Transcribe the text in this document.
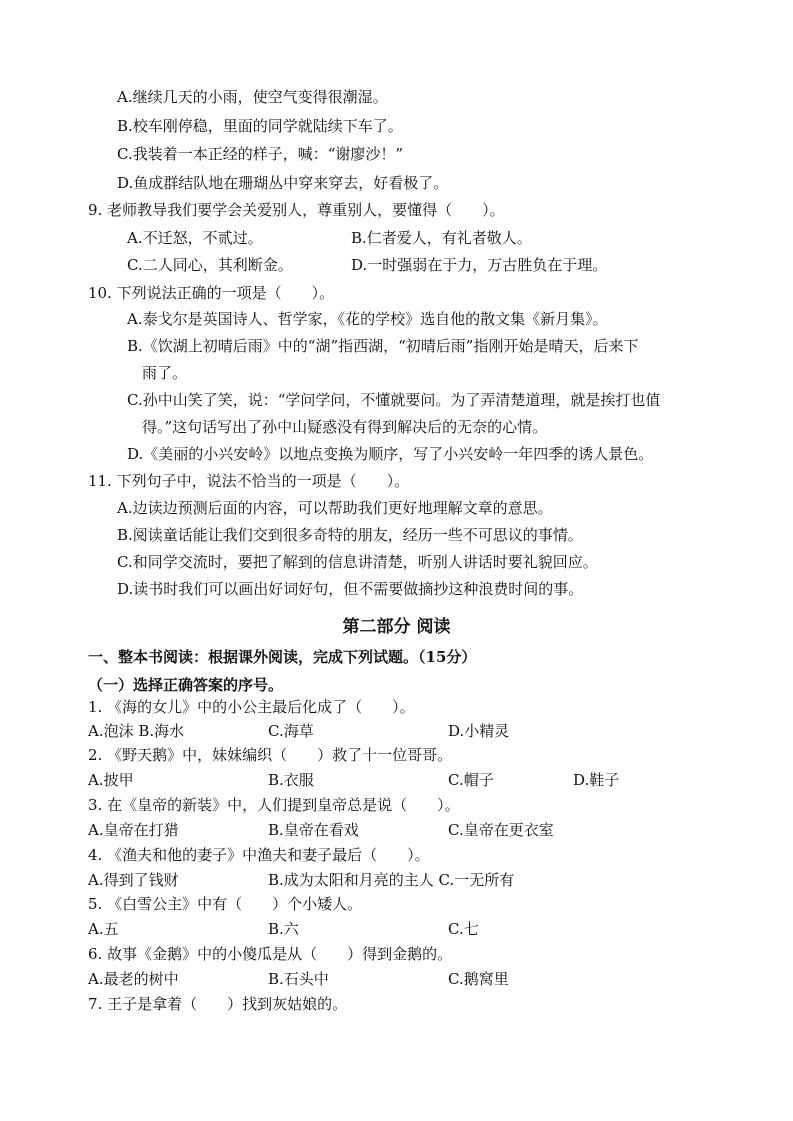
A.继续几天的小雨，使空气变得很潮湿。
B.校车刚停稳，里面的同学就陆续下车了。
C.我装着一本正经的样子，喊：“谢廖沙！”
D.鱼成群结队地在珊瑚丛中穿来穿去，好看极了。
9. 老师教导我们要学会关爱别人，尊重别人，要懂得（　　）。
A.不迁怒，不贰过。	B.仁者爱人，有礼者敬人。
C.二人同心，其利断金。	D.一时强弱在于力，万古胜负在于理。
10. 下列说法正确的一项是（　　）。
A.泰戈尔是英国诗人、哲学家，《花的学校》选自他的散文集《新月集》。
B.《饮湖上初晴后雨》中的“湖”指西湖，“初晴后雨”指刚开始是晴天，后来下
雨了。
C.孙中山笑了笑，说：“学问学问，不懂就要问。为了弄清楚道理，就是挨打也值
得。”这句话写出了孙中山疑惑没有得到解决后的无奈的心情。
D.《美丽的小兴安岭》以地点变换为顺序，写了小兴安岭一年四季的诱人景色。
11. 下列句子中，说法不恰当的一项是（　　）。
A.边读边预测后面的内容，可以帮助我们更好地理解文章的意思。
B.阅读童话能让我们交到很多奇特的朋友，经历一些不可思议的事情。
C.和同学交流时，要把了解到的信息讲清楚，听别人讲话时要礼貌回应。
D.读书时我们可以画出好词好句，但不需要做摘抄这种浪费时间的事。
第二部分 阅读
一、整本书阅读：根据课外阅读，完成下列试题。（15分）
（一）选择正确答案的序号。
1. 《海的女儿》中的小公主最后化成了（　　）。
A.泡沫 B.海水	C.海草	D.小精灵
2. 《野天鹅》中，妹妹编织（　　）救了十一位哥哥。
A.披甲	B.衣服	C.帽子	D.鞋子
3. 在《皇帝的新装》中，人们提到皇帝总是说（　　）。
A.皇帝在打猎	B.皇帝在看戏	C.皇帝在更衣室
4. 《渔夫和他的妻子》中渔夫和妻子最后（　　）。
A.得到了钱财	B.成为太阳和月亮的主人 C.一无所有
5. 《白雪公主》中有（　　）个小矮人。
A.五	B.六	C.七
6. 故事《金鹅》中的小傻瓜是从（　　）得到金鹅的。
A.最老的树中	B.石头中	C.鹅窝里
7. 王子是拿着（　　）找到灰姑娘的。
